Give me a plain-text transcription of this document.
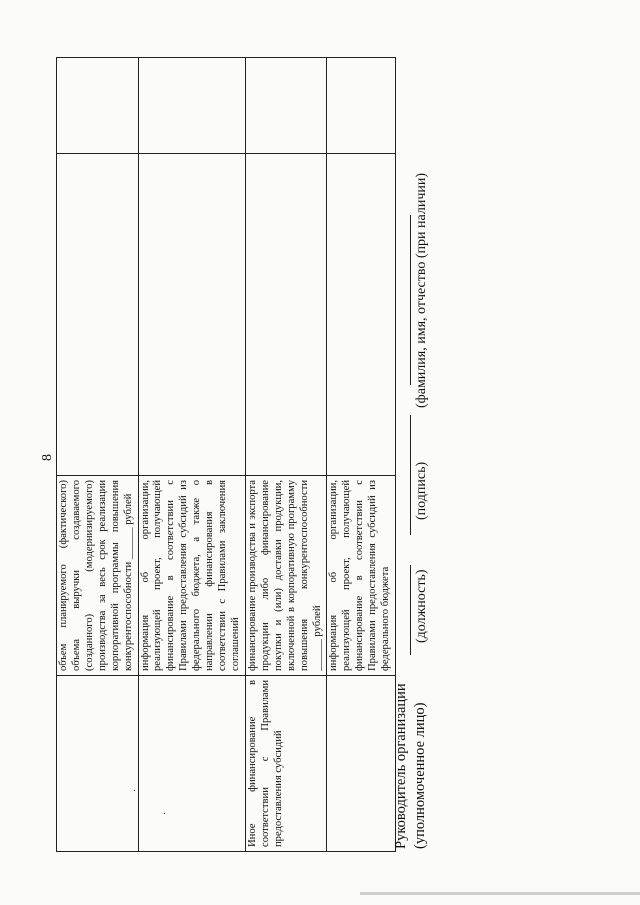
8
	объем планируемого (фактического) объема выручки создаваемого (созданного) (модернизируемого) производства за весь срок реализации корпоративной программы повышения конкурентоспособности ______ рублей		
	информация об организации, реализующей проект, получающей финансирование в соответствии с Правилами предоставления субсидий из федерального бюджета, а также о направлении финансирования в соответствии с Правилами заключения соглашений		
Иное финансирование в соответствии с Правилами предоставления субсидий	финансирование производства и экспорта продукции либо финансирование покупки и (или) доставки продукции, включенной в корпоративную программу повышения конкурентоспособности ______ рублей		
	информация об организации, реализующей проект, получающей финансирование в соответствии с Правилами предоставления субсидий из федерального бюджета		
·
·	Руководитель организации (уполномоченное лицо)
(должность)
(подпись)
(фамилия, имя, отчество (при наличии)
